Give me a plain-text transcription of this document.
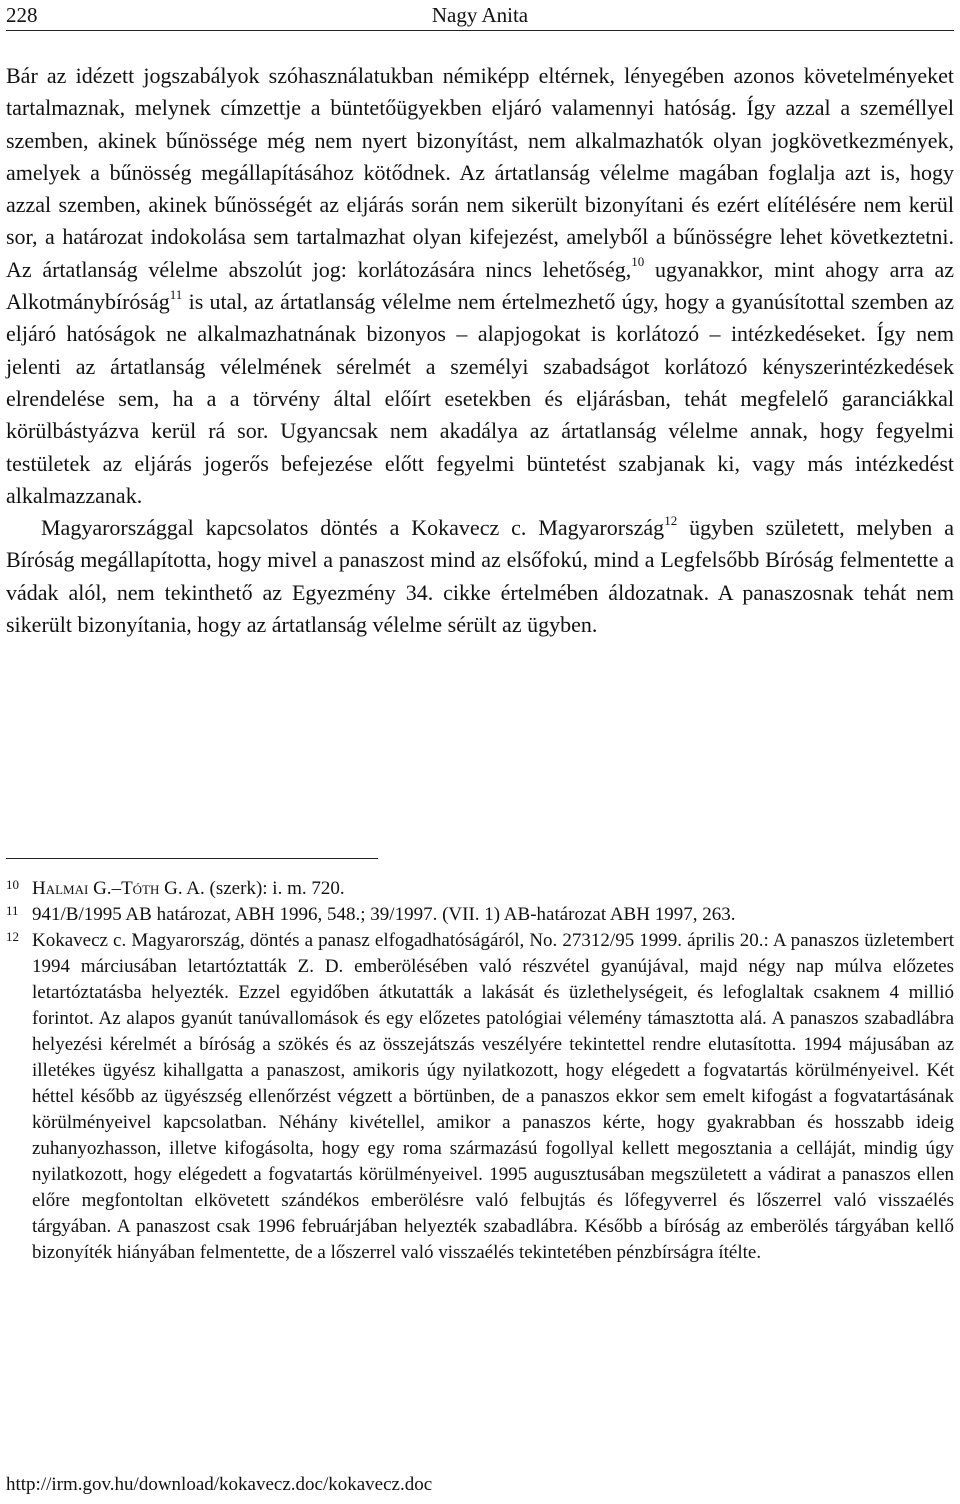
228	Nagy Anita

Bár az idézett jogszabályok szóhasználatukban némiképp eltérnek, lényegében azonos követelményeket tartalmaznak, melynek címzettje a büntetőügyekben eljáró valamennyi hatóság. Így azzal a személlyel szemben, akinek bűnössége még nem nyert bizonyítást, nem alkalmazhatók olyan jogkövetkezmények, amelyek a bűnösség megállapításához kötődnek. Az ártatlanság vélelme magában foglalja azt is, hogy azzal szemben, akinek bűnösségét az eljárás során nem sikerült bizonyítani és ezért elítélésére nem kerül sor, a határozat indokolása sem tartalmazhat olyan kifejezést, amelyből a bűnösségre lehet következtetni. Az ártatlanság vélelme abszolút jog: korlátozására nincs lehetőség,$^{10}$ ugyanakkor, mint ahogy arra az Alkotmánybíróság$^{11}$ is utal, az ártatlanság vélelme nem értelmezhető úgy, hogy a gyanúsítottal szemben az eljáró hatóságok ne alkalmazhatnának bizonyos – alapjogokat is korlátozó – intézkedéseket. Így nem jelenti az ártatlanság vélelmének sérelmét a személyi szabadságot korlátozó kényszerintézkedések elrendelése sem, ha a a törvény által előírt esetekben és eljárásban, tehát megfelelő garanciákkal körülbástyázva kerül rá sor. Ugyancsak nem akadálya az ártatlanság vélelme annak, hogy fegyelmi testületek az eljárás jogerős befejezése előtt fegyelmi büntetést szabjanak ki, vagy más intézkedést alkalmazzanak.

Magyarországgal kapcsolatos döntés a Kokavecz c. Magyarország$^{12}$ ügyben született, melyben a Bíróság megállapította, hogy mivel a panaszost mind az elsőfokú, mind a Legfelsőbb Bíróság felmentette a vádak alól, nem tekinthető az Egyezmény 34. cikke értelmében áldozatnak. A panaszosnak tehát nem sikerült bizonyítania, hogy az ártatlanság vélelme sérült az ügyben.

10 Halmai G.–Tóth G. A. (szerk): i. m. 720.

11 941/B/1995 AB határozat, ABH 1996, 548.; 39/1997. (VII. 1) AB-határozat ABH 1997, 263.

12 Kokavecz c. Magyarország, döntés a panasz elfogadhatóságáról, No. 27312/95 1999. április 20.: A panaszos üzletembert 1994 márciusában letartóztatták Z. D. emberölésében való részvétel gyanújával, majd négy nap múlva előzetes letartóztatásba helyezték. Ezzel egyidőben átkutatták a lakását és üzlethelységeit, és lefoglaltak csaknem 4 millió forintot. Az alapos gyanút tanúvallomások és egy előzetes patológiai vélemény támasztotta alá. A panaszos szabadlábra helyezési kérelmét a bíróság a szökés és az összejátszás veszélyére tekintettel rendre elutasította. 1994 májusában az illetékes ügyész kihallgatta a panaszost, amikoris úgy nyilatkozott, hogy elégedett a fogvatartás körülményeivel. Két héttel később az ügyészség ellenőrzést végzett a börtünben, de a panaszos ekkor sem emelt kifogást a fogvatartásának körülményeivel kapcsolatban. Néhány kivétellel, amikor a panaszos kérte, hogy gyakrabban és hosszabb ideig zuhanyozhasson, illetve kifogásolta, hogy egy roma származású fogollyal kellett megosztania a celláját, mindig úgy nyilatkozott, hogy elégedett a fogvatartás körülményeivel. 1995 augusztusában megszületett a vádirat a panaszos ellen előre megfontoltan elkövetett szándékos emberölésre való felbujtás és lőfegyverrel és lőszerrel való visszaélés tárgyában. A panaszost csak 1996 februárjában helyezték szabadlábra. Később a bíróság az emberölés tárgyában kellő bizonyíték hiányában felmentette, de a lőszerrel való visszaélés tekintetében pénzbírságra ítélte.

http://irm.gov.hu/download/kokavecz.doc/kokavecz.doc
